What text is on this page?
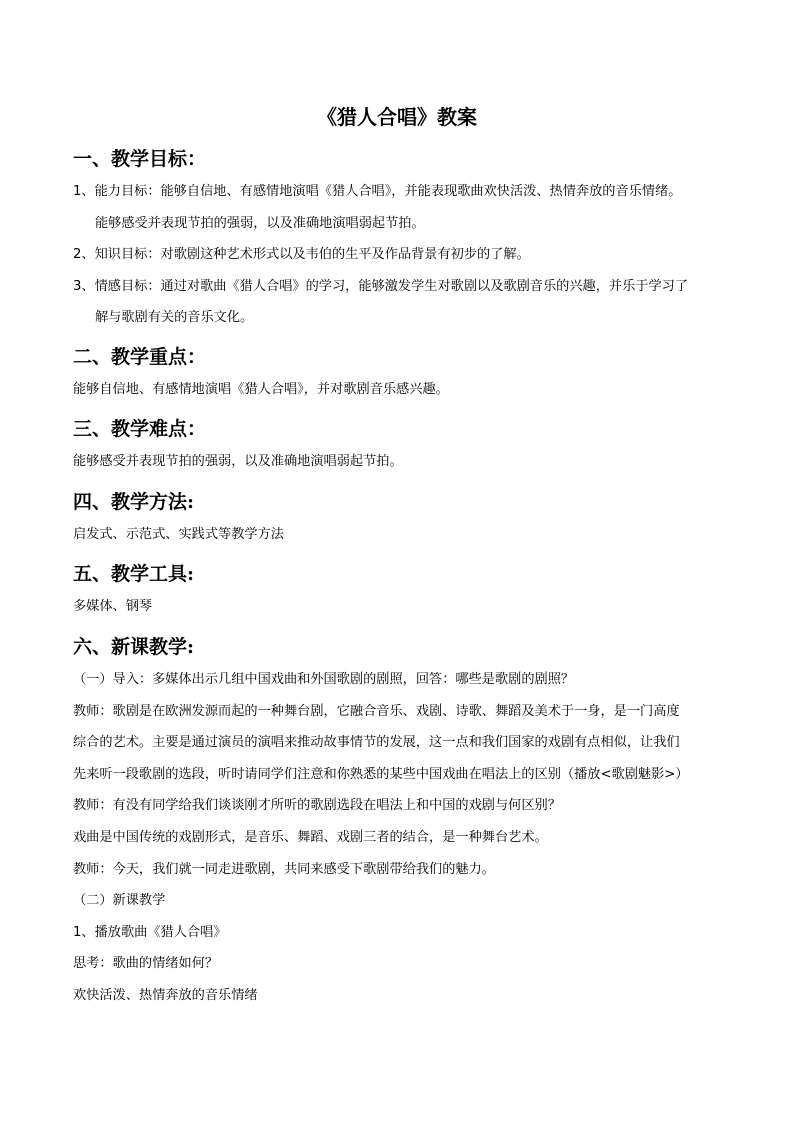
《猎人合唱》教案
一、教学目标：

1、能力目标：能够自信地、有感情地演唱《猎人合唱》，并能表现歌曲欢快活泼、热情奔放的音乐情绪。

能够感受并表现节拍的强弱，以及准确地演唱弱起节拍。

2、知识目标：对歌剧这种艺术形式以及韦伯的生平及作品背景有初步的了解。

3、情感目标：通过对歌曲《猎人合唱》的学习，能够激发学生对歌剧以及歌剧音乐的兴趣，并乐于学习了

解与歌剧有关的音乐文化。

二、教学重点：

能够自信地、有感情地演唱《猎人合唱》，并对歌剧音乐感兴趣。

三、教学难点：

能够感受并表现节拍的强弱，以及准确地演唱弱起节拍。

四、教学方法:

启发式、示范式、实践式等教学方法

五、教学工具:

多媒体、钢琴

六、新课教学:

（一）导入：多媒体出示几组中国戏曲和外国歌剧的剧照，回答：哪些是歌剧的剧照？

教师：歌剧是在欧洲发源而起的一种舞台剧，它融合音乐、戏剧、诗歌、舞蹈及美术于一身，是一门高度

综合的艺术。主要是通过演员的演唱来推动故事情节的发展，这一点和我们国家的戏剧有点相似，让我们

先来听一段歌剧的选段，听时请同学们注意和你熟悉的某些中国戏曲在唱法上的区别（播放<歌剧魅影>）

教师：有没有同学给我们谈谈刚才所听的歌剧选段在唱法上和中国的戏剧与何区别？

戏曲是中国传统的戏剧形式，是音乐、舞蹈、戏剧三者的结合，是一种舞台艺术。

教师：今天，我们就一同走进歌剧，共同来感受下歌剧带给我们的魅力。

（二）新课教学

1、播放歌曲《猎人合唱》

思考：歌曲的情绪如何？

欢快活泼、热情奔放的音乐情绪
